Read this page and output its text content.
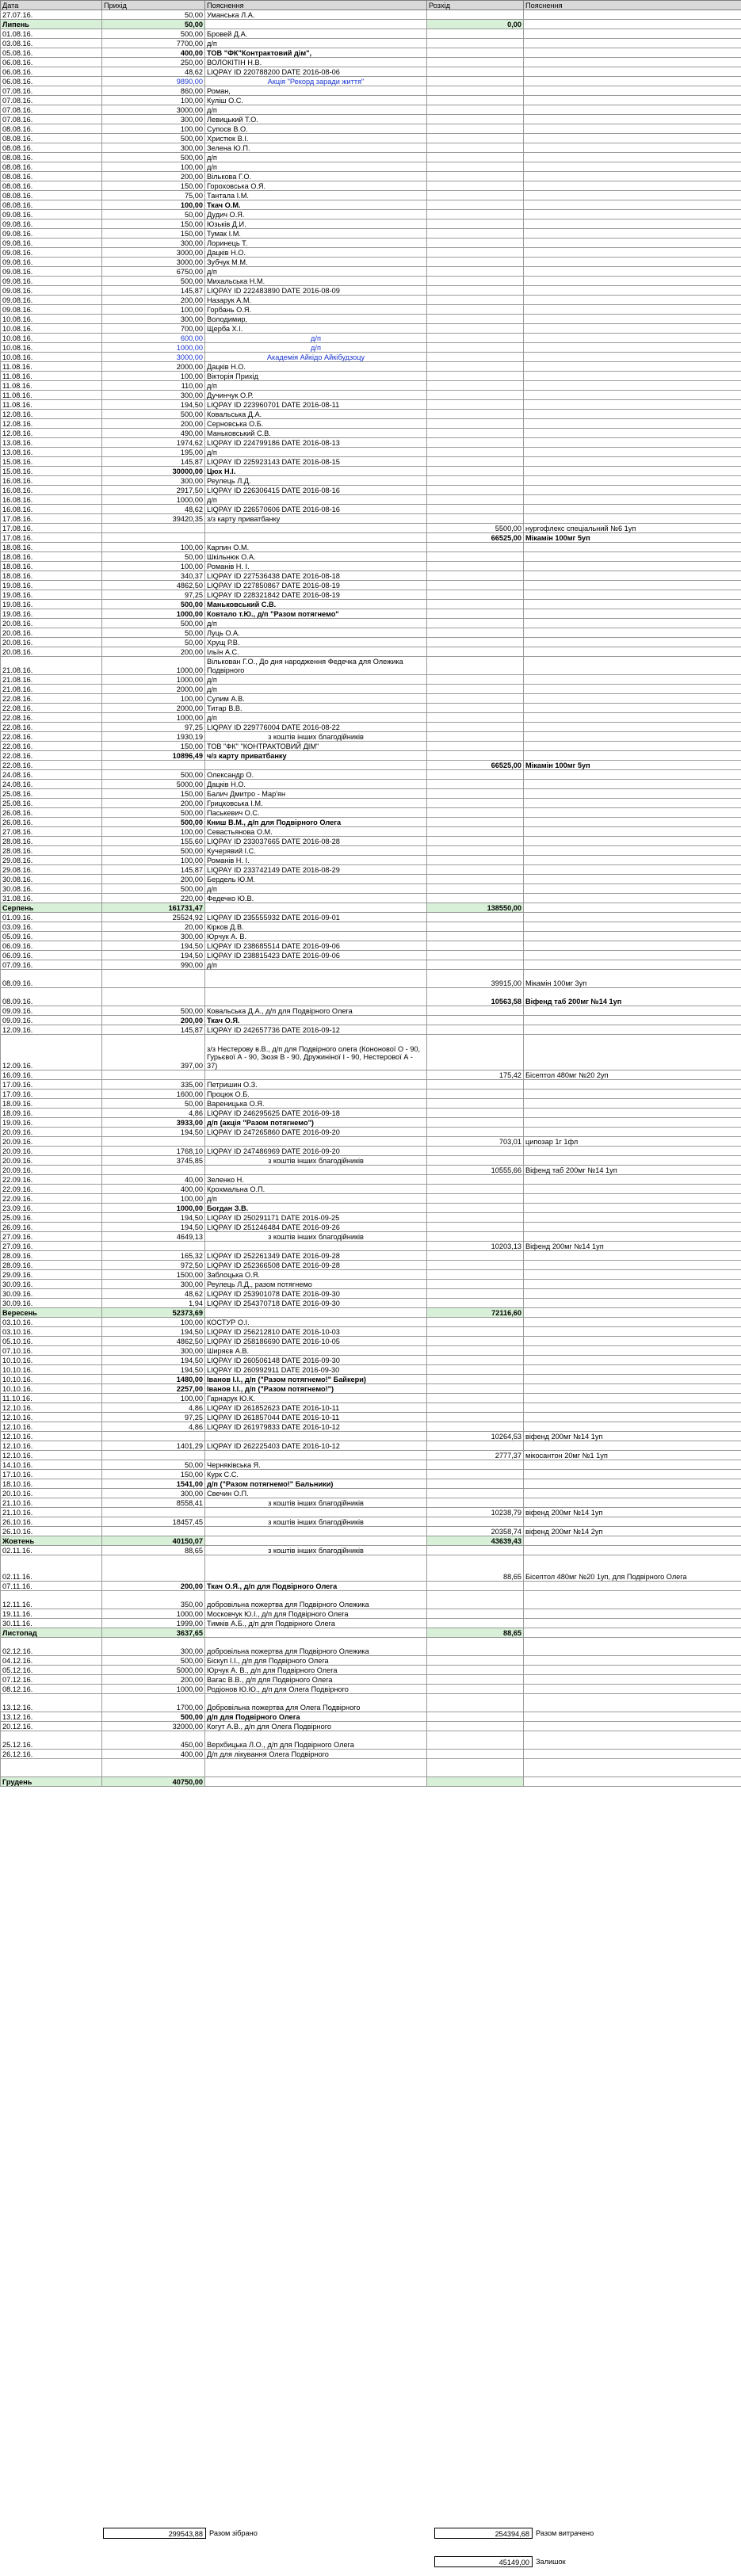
Дата	Прихід	Пояснення	Розхід	Пояснення
27.07.16.	50,00	Уманська Л.А.		
Липень	50,00		0,00	
01.08.16.	500,00	Бровей Д.А.		
03.08.16.	7700,00	д/п		
05.08.16.	400,00	ТОВ "ФК"Контрактовий дім",		
06.08.16.	250,00	ВОЛОКІТІН Н.В.		
06.08.16.	48,62	LIQPAY ID 220788200 DATE 2016-08-06		
06.08.16.	9890,00	Акція "Рекорд заради життя"		
07.08.16.	860,00	Роман,		
07.08.16.	100,00	Куліш О.С.		
07.08.16.	3000,00	д/п		
07.08.16.	300,00	Левицький Т.О.		
08.08.16.	100,00	Супосв В.О.		
08.08.16.	500,00	Христюк В.І.		
08.08.16.	300,00	Зелена Ю.П.		
08.08.16.	500,00	д/п		
08.08.16.	100,00	д/п		
08.08.16.	200,00	Вількова Г.О.		
08.08.16.	150,00	Гороховська О.Я.		
08.08.16.	75,00	Тантала І.М.		
08.08.16.	100,00	Ткач О.М.		
09.08.16.	50,00	Дудич О.Я.		
09.08.16.	150,00	Юзьків Д.И.		
09.08.16.	150,00	Тумак І.М.		
09.08.16.	300,00	Лоринець Т.		
09.08.16.	3000,00	Дацків Н.О.		
09.08.16.	3000,00	Зубчук М.М.		
09.08.16.	6750,00	д/п		
09.08.16.	500,00	Михальська Н.М.		
09.08.16.	145,87	LIQPAY ID 222483890 DATE 2016-08-09		
09.08.16.	200,00	Назарук А.М.		
09.08.16.	100,00	Горбань О.Я.		
10.08.16.	300,00	Володимир,		
10.08.16.	700,00	Щерба Х.І.		
10.08.16.	600,00	д/п		
10.08.16.	1000,00	д/п		
10.08.16.	3000,00	Академія Айкідо Айкібудзоцу		
11.08.16.	2000,00	Дацків Н.О.		
11.08.16.	100,00	Вікторія Прихід		
11.08.16.	110,00	д/п		
11.08.16.	300,00	Дучинчук О.Р.		
11.08.16.	194,50	LIQPAY ID 223960701 DATE 2016-08-11		
12.08.16.	500,00	Ковальська Д.А.		
12.08.16.	200,00	Серновська О.Б.		
12.08.16.	490,00	Маньковський С.В.		
13.08.16.	1974,62	LIQPAY ID 224799186 DATE 2016-08-13		
13.08.16.	195,00	д/п		
15.08.16.	145,87	LIQPAY ID 225923143 DATE 2016-08-15		
15.08.16.	30000,00	Цюх Н.І.		
16.08.16.	300,00	Реулець Л.Д.		
16.08.16.	2917,50	LIQPAY ID 226306415 DATE 2016-08-16		
16.08.16.	1000,00	д/п		
16.08.16.	48,62	LIQPAY ID 226570606 DATE 2016-08-16		
17.08.16.	39420,35	з/з карту приватбанку		
17.08.16.			5500,00	нургофлекс спеціальний №6 1уп
17.08.16.			66525,00	Мікамін 100мг 5уп
18.08.16.	100,00	Карпин О.М.		
18.08.16.	50,00	Шкільнюк О.А.		
18.08.16.	100,00	Романів Н. І.		
18.08.16.	340,37	LIQPAY ID 227536438 DATE 2016-08-18		
19.08.16.	4862,50	LIQPAY ID 227850867 DATE 2016-08-19		
19.08.16.	97,25	LIQPAY ID 228321842 DATE 2016-08-19		
19.08.16.	500,00	Маньковський С.В.		
19.08.16.	1000,00	Ковтало т.Ю., д/п "Разом потягнемо"		
20.08.16.	500,00	д/п		
20.08.16.	50,00	Луць О.А.		
20.08.16.	50,00	Хрущ Р.В.		
20.08.16.	200,00	Ільїн А.С.		
21.08.16.	1000,00	Вількован Г.О., До дня народження Федечка для Олежика Подвірного		
21.08.16.	1000,00	д/п		
21.08.16.	2000,00	д/п		
22.08.16.	100,00	Сулим А.В.		
22.08.16.	2000,00	Титар В.В.		
22.08.16.	1000,00	д/п		
22.08.16.	97,25	LIQPAY ID 229776004 DATE 2016-08-22		
22.08.16.	1930,19	з коштів інших благодійників		
22.08.16.	150,00	ТОВ "ФК" "КОНТРАКТОВИЙ ДІМ"		
22.08.16.	10896,49	ч/з карту приватбанку		
22.08.16.			66525,00	Мікамін 100мг 5уп
24.08.16.	500,00	Олександр О.		
24.08.16.	5000,00	Дацків Н.О.		
25.08.16.	150,00	Балич Дмитро - Мар'ян		
25.08.16.	200,00	Грицковська І.М.		
26.08.16.	500,00	Паськевич О.С.		
26.08.16.	500,00	Книш В.М., д/п для Подвірного Олега		
27.08.16.	100,00	Севастьянова О.М.		
28.08.16.	155,60	LIQPAY ID 233037665 DATE 2016-08-28		
28.08.16.	500,00	Кучерявий І.С.		
29.08.16.	100,00	Романів Н. І.		
29.08.16.	145,87	LIQPAY ID 233742149 DATE 2016-08-29		
30.08.16.	200,00	Бердель Ю.М.		
30.08.16.	500,00	д/п		
31.08.16.	220,00	Федечко Ю.В.		
Серпень	161731,47		138550,00	
01.09.16.	25524,92	LIQPAY ID 235555932 DATE 2016-09-01		
03.09.16.	20,00	Кірков Д.В.		
05.09.16.	300,00	Юрчук А. В.		
06.09.16.	194,50	LIQPAY ID 238685514 DATE 2016-09-06		
06.09.16.	194,50	LIQPAY ID 238815423 DATE 2016-09-06		
07.09.16.	990,00	д/п		
08.09.16.			39915,00	Мікамін 100мг 3уп
08.09.16.			10563,58	Віфенд таб 200мг №14 1уп
09.09.16.	500,00	Ковальська Д.А., д/п для Подвірного Олега		
09.09.16.	200,00	Ткач О.Я.		
12.09.16.	145,87	LIQPAY ID 242657736 DATE 2016-09-12		
12.09.16.	397,00	з/з Нестерову в.В., д/п для Подвірного олега (Кононової О - 90, Гурьєвої А - 90, Зюзя В - 90, Дружиніної І - 90, Нестерової А - 37)		
16.09.16.			175,42	Бісептол 480мг №20 2уп
17.09.16.	335,00	Петришин О.З.		
17.09.16.	1600,00	Процюк О.Б.		
18.09.16.	50,00	Вареницька О.Я.		
18.09.16.	4,86	LIQPAY ID 246295625 DATE 2016-09-18		
19.09.16.	3933,00	д/п (акція "Разом потягнемо")		
20.09.16.	194,50	LIQPAY ID 247265860 DATE 2016-09-20		
20.09.16.			703,01	ципозар 1г 1фл
20.09.16.	1768,10	LIQPAY ID 247486969 DATE 2016-09-20		
20.09.16.	3745,85	з коштів інших благодійників		
20.09.16.			10555,66	Віфенд таб 200мг №14 1уп
22.09.16.	40,00	Зеленко Н.		
22.09.16.	400,00	Крохмальна О.П.		
22.09.16.	100,00	д/п		
23.09.16.	1000,00	Богдан З.В.		
25.09.16.	194,50	LIQPAY ID 250291171 DATE 2016-09-25		
26.09.16.	194,50	LIQPAY ID 251246484 DATE 2016-09-26		
27.09.16.	4649,13	з коштів інших благодійників		
27.09.16.			10203,13	Віфенд 200мг №14 1уп
28.09.16.	165,32	LIQPAY ID 252261349 DATE 2016-09-28		
28.09.16.	972,50	LIQPAY ID 252366508 DATE 2016-09-28		
29.09.16.	1500,00	Заблоцька О.Я.		
30.09.16.	300,00	Реулець Л.Д., разом потягнемо		
30.09.16.	48,62	LIQPAY ID 253901078 DATE 2016-09-30		
30.09.16.	1,94	LIQPAY ID 254370718 DATE 2016-09-30		
Вересень	52373,69		72116,60	
03.10.16.	100,00	КОСТУР О.І.		
03.10.16.	194,50	LIQPAY ID 256212810 DATE 2016-10-03		
05.10.16.	4862,50	LIQPAY ID 258186690 DATE 2016-10-05		
07.10.16.	300,00	Ширяєв А.В.		
10.10.16.	194,50	LIQPAY ID 260506148 DATE 2016-09-30		
10.10.16.	194,50	LIQPAY ID 260992911 DATE 2016-09-30		
10.10.16.	1480,00	Іванов І.І., д/п ("Разом потягнемо!" Байкери)		
10.10.16.	2257,00	Іванов І.І., д/п ("Разом потягнемо!")		
11.10.16.	100,00	Гарнарук Ю.К.		
12.10.16.	4,86	LIQPAY ID 261852623 DATE 2016-10-11		
12.10.16.	97,25	LIQPAY ID 261857044 DATE 2016-10-11		
12.10.16.	4,86	LIQPAY ID 261979833 DATE 2016-10-12		
12.10.16.			10264,53	віфенд 200мг №14 1уп
12.10.16.	1401,29	LIQPAY ID 262225403 DATE 2016-10-12		
12.10.16.			2777,37	мікосантон 20мг №1 1уп
14.10.16.	50,00	Черняківська Я.		
17.10.16.	150,00	Курк С.С.		
18.10.16.	1541,00	д/п ("Разом потягнемо!" Бальники)		
20.10.16.	300,00	Свечин О.П.		
21.10.16.	8558,41	з коштів інших благодійників		
21.10.16.			10238,79	віфенд 200мг №14 1уп
26.10.16.	18457,45	з коштів інших благодійників		
26.10.16.			20358,74	віфенд 200мг №14 2уп
Жовтень	40150,07		43639,43	
02.11.16.	88,65	з коштів інших благодійників		
02.11.16.			88,65	Бісептол 480мг №20 1уп, для Подвірного Олега
07.11.16.	200,00	Ткач О.Я., д/п для Подвірного Олега		
12.11.16.	350,00	добровільна пожертва для Подвірного Олежика		
19.11.16.	1000,00	Московчук Ю.І., д/п для Подвірного Олега		
30.11.16.	1999,00	Тимків А.Б., д/п для Подвірного Олега		
Листопад	3637,65		88,65	
02.12.16.	300,00	добровільна пожертва для Подвірного Олежика		
04.12.16.	500,00	Біскуп І.І., д/п для Подвірного Олега		
05.12.16.	5000,00	Юрчук А. В., д/п для Подвірного Олега		
07.12.16.	200,00	Вагас В.В., д/п для Подвірного Олега		
08.12.16.	1000,00	Родіонов Ю.Ю., д/п для Олега Подвірного		
13.12.16.	1700,00	Добровільна пожертва для Олега Подвірного		
13.12.16.	500,00	д/п для Подвірного Олега		
20.12.16.	32000,00	Когут А.В., д/п для Олега Подвірного		
25.12.16.	450,00	Верхбицька Л.О., д/п для Подвірного Олега		
26.12.16.	400,00	Д/п для лікування Олега Подвірного		

Грудень	40750,00			
299543,88 Разом зібрано	254394,68 Разом витрачено
45149,00 Залишок
